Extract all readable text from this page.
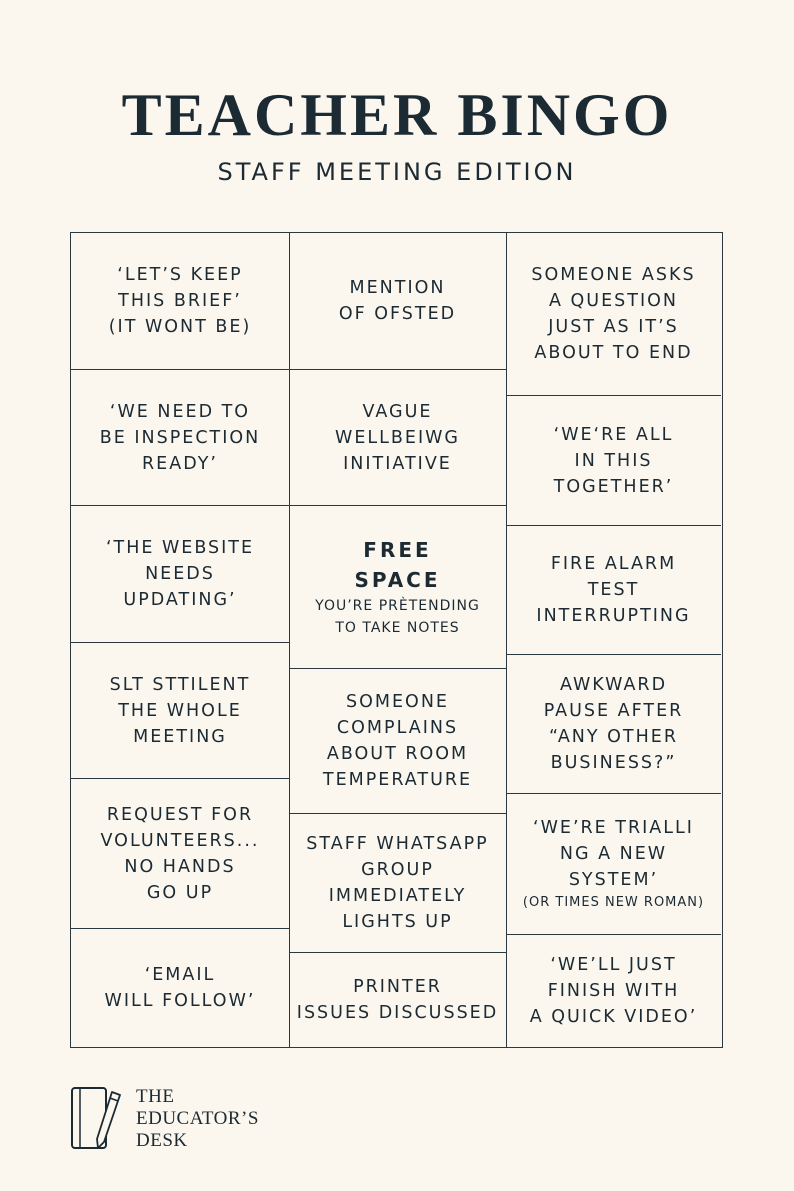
TEACHER BINGO
STAFF MEETING EDITION
‘LET’S KEEP
THIS BRIEF’
(IT WONT BE)
‘WE NEED TO
BE INSPECTION
READY’
‘THE WEBSITE
NEEDS
UPDATING’
SLT STTILENT
THE WHOLE
MEETING
REQUEST FOR
VOLUNTEERS...
NO HANDS
GO UP
‘EMAIL
WILL FOLLOW’
MENTION
OF OFSTED
VAGUE
WELLBEIWG
INITIATIVE
FREE
SPACE
YOU’RE PRÈTENDING
TO TAKE NOTES
SOMEONE
COMPLAINS
ABOUT ROOM
TEMPERATURE
STAFF WHATSAPP
GROUP
IMMEDIATELY
LIGHTS UP
PRINTER
ISSUES DISCUSSED
SOMEONE ASKS
A QUESTION
JUST AS IT’S
ABOUT TO END
‘WE‘RE ALL
IN THIS
TOGETHER’
FIRE ALARM
TEST
INTERRUPTING
AWKWARD
PAUSE AFTER
“ANY OTHER
BUSINESS?”
‘WE’RE TRIALLI
NG A NEW
SYSTEM’
(OR TIMES NEW ROMAN)
‘WE’LL JUST
FINISH WITH
A QUICK VIDEO’
THE
EDUCATOR’S
DESK
